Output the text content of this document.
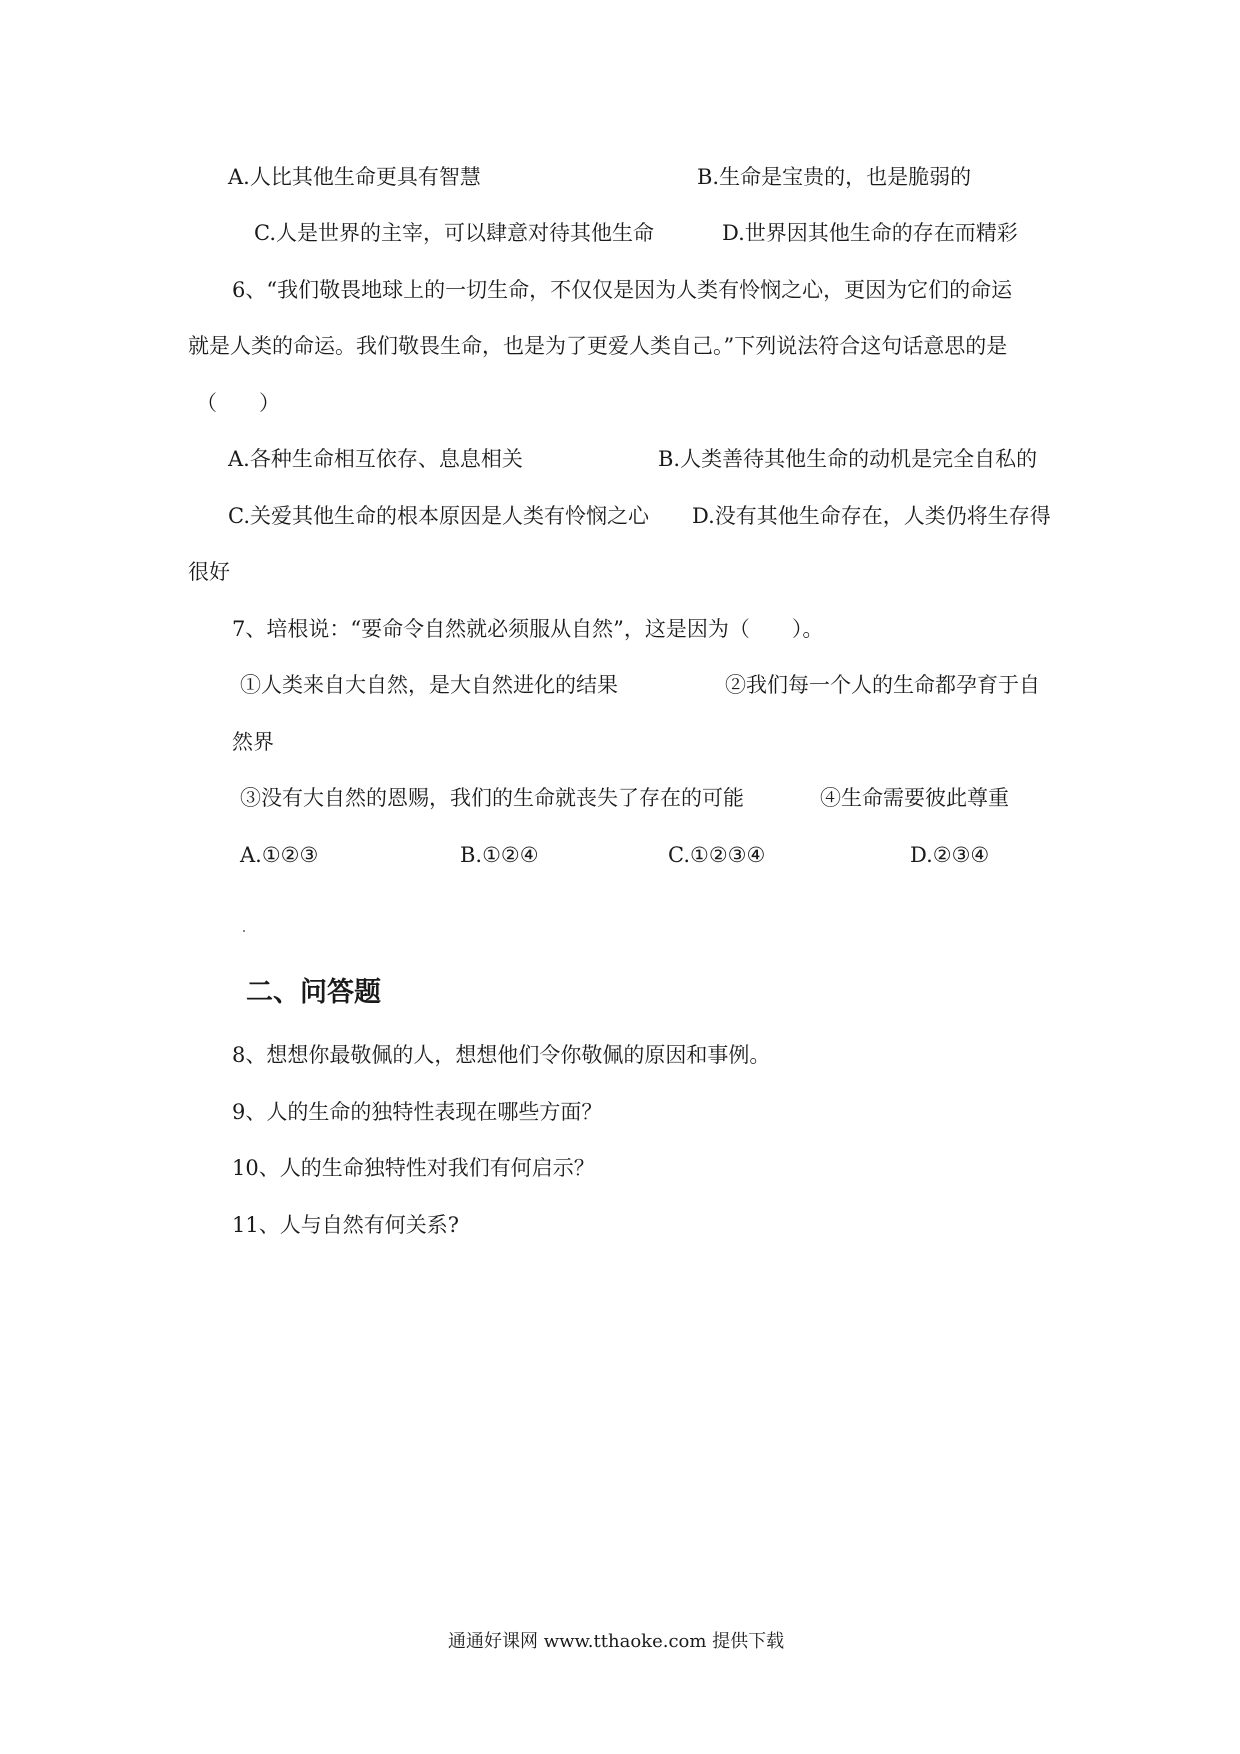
A.人比其他生命更具有智慧	B.生命是宝贵的，也是脆弱的
C.人是世界的主宰，可以肆意对待其他生命	D.世界因其他生命的存在而精彩
6、“我们敬畏地球上的一切生命，不仅仅是因为人类有怜悯之心，更因为它们的命运
就是人类的命运。我们敬畏生命，也是为了更爱人类自己。”下列说法符合这句话意思的是
（　　）
A.各种生命相互依存、息息相关	B.人类善待其他生命的动机是完全自私的
C.关爱其他生命的根本原因是人类有怜悯之心 D.没有其他生命存在，人类仍将生存得
很好
7、培根说：“要命令自然就必须服从自然”，这是因为（　　）。
①人类来自大自然，是大自然进化的结果	②我们每一个人的生命都孕育于自
然界
③没有大自然的恩赐，我们的生命就丧失了存在的可能	④生命需要彼此尊重
A.①②③	B.①②④	C.①②③④	D.②③④
二、问答题
8、想想你最敬佩的人，想想他们令你敬佩的原因和事例。
9、人的生命的独特性表现在哪些方面？
10、人的生命独特性对我们有何启示？
11、人与自然有何关系?
通通好课网 www.tthaoke.com 提供下载
